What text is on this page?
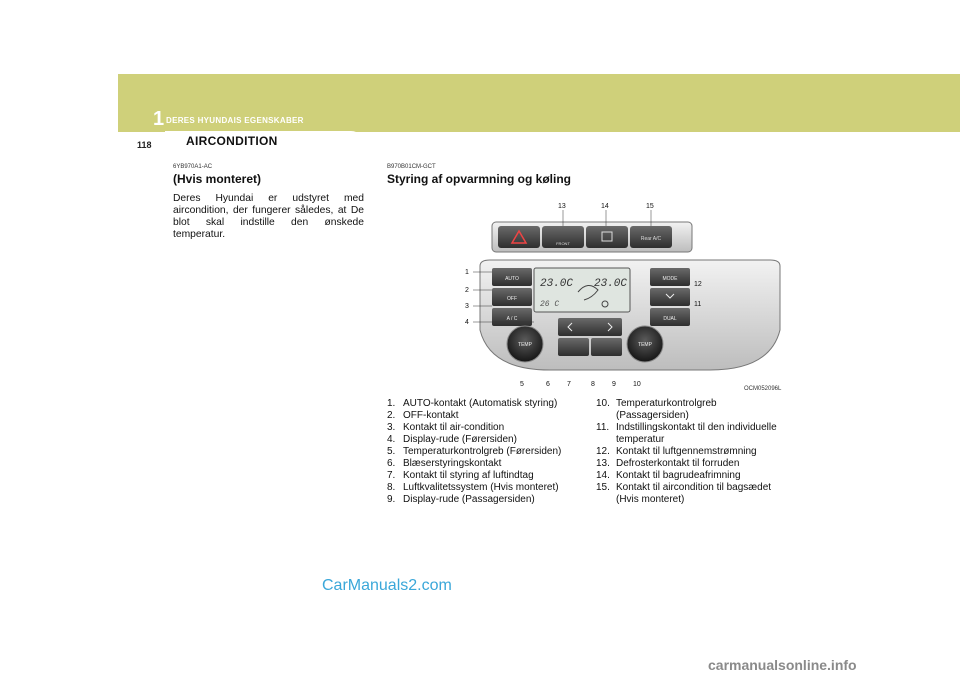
1 DERES HYUNDAIS EGENSKABER
118	AIRCONDITION
6YB970A1-AC
(Hvis monteret)
Deres Hyundai er udstyret med aircondition, der fungerer således, at De blot skal indstille den ønskede temperatur.
B970B01CM-GCT
Styring af opvarmning og køling
FRONT
Rear A/C
AUTO
OFF
A / C
23.0C 23.0C
26 C
MODE
DUAL
TEMP	TEMP
1
2
3
4
5	6 7	8 9 10
11
12
13	14	15
OCM052096L
1. AUTO-kontakt (Automatisk styring)
2. OFF-kontakt
3. Kontakt til air-condition
4. Display-rude (Førersiden)
5. Temperaturkontrolgreb (Førersiden)
6. Blæserstyringskontakt
7. Kontakt til styring af luftindtag
8. Luftkvalitetssystem (Hvis monteret)
9. Display-rude (Passagersiden)
10. Temperaturkontrolgreb (Passagersiden)
11. Indstillingskontakt til den individuelle temperatur
12. Kontakt til luftgennemstrømning
13. Defrosterkontakt til forruden
14. Kontakt til bagrudeafrimning
15. Kontakt til aircondition til bagsædet (Hvis monteret)
CarManuals2.com
carmanualsonline.info
